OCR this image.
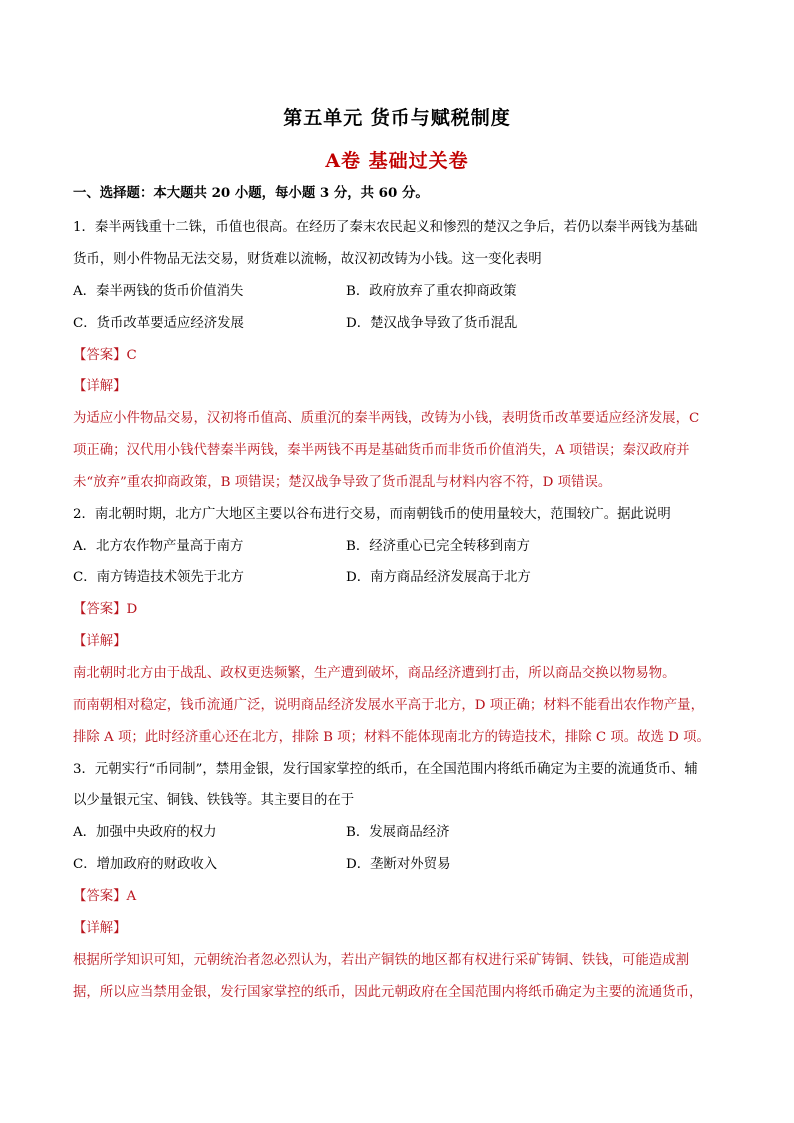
第五单元 货币与赋税制度
A卷 基础过关卷
一、选择题：本大题共 20 小题，每小题 3 分，共 60 分。
1．秦半两钱重十二铢，币值也很高。在经历了秦末农民起义和惨烈的楚汉之争后，若仍以秦半两钱为基础
货币，则小件物品无法交易，财货难以流畅，故汉初改铸为小钱。这一变化表明
A．秦半两钱的货币价值消失	B．政府放弃了重农抑商政策
C．货币改革要适应经济发展	D．楚汉战争导致了货币混乱
【答案】C
【详解】
为适应小件物品交易，汉初将币值高、质重沉的秦半两钱，改铸为小钱，表明货币改革要适应经济发展，C
项正确；汉代用小钱代替秦半两钱，秦半两钱不再是基础货币而非货币价值消失，A 项错误；秦汉政府并
未“放弃”重农抑商政策，B 项错误；楚汉战争导致了货币混乱与材料内容不符，D 项错误。
2．南北朝时期，北方广大地区主要以谷布进行交易，而南朝钱币的使用量较大，范围较广。据此说明
A．北方农作物产量高于南方	B．经济重心已完全转移到南方
C．南方铸造技术领先于北方	D．南方商品经济发展高于北方
【答案】D
【详解】
南北朝时北方由于战乱、政权更迭频繁，生产遭到破坏，商品经济遭到打击，所以商品交换以物易物。
而南朝相对稳定，钱币流通广泛，说明商品经济发展水平高于北方，D 项正确；材料不能看出农作物产量，
排除 A 项；此时经济重心还在北方，排除 B 项；材料不能体现南北方的铸造技术，排除 C 项。故选 D 项。
3．元朝实行“币同制”，禁用金银，发行国家掌控的纸币，在全国范围内将纸币确定为主要的流通货币、辅
以少量银元宝、铜钱、铁钱等。其主要目的在于
A．加强中央政府的权力	B．发展商品经济
C．增加政府的财政收入	D．垄断对外贸易
【答案】A
【详解】
根据所学知识可知，元朝统治者忽必烈认为，若出产铜铁的地区都有权进行采矿铸铜、铁钱，可能造成割
据，所以应当禁用金银，发行国家掌控的纸币，因此元朝政府在全国范围内将纸币确定为主要的流通货币，
